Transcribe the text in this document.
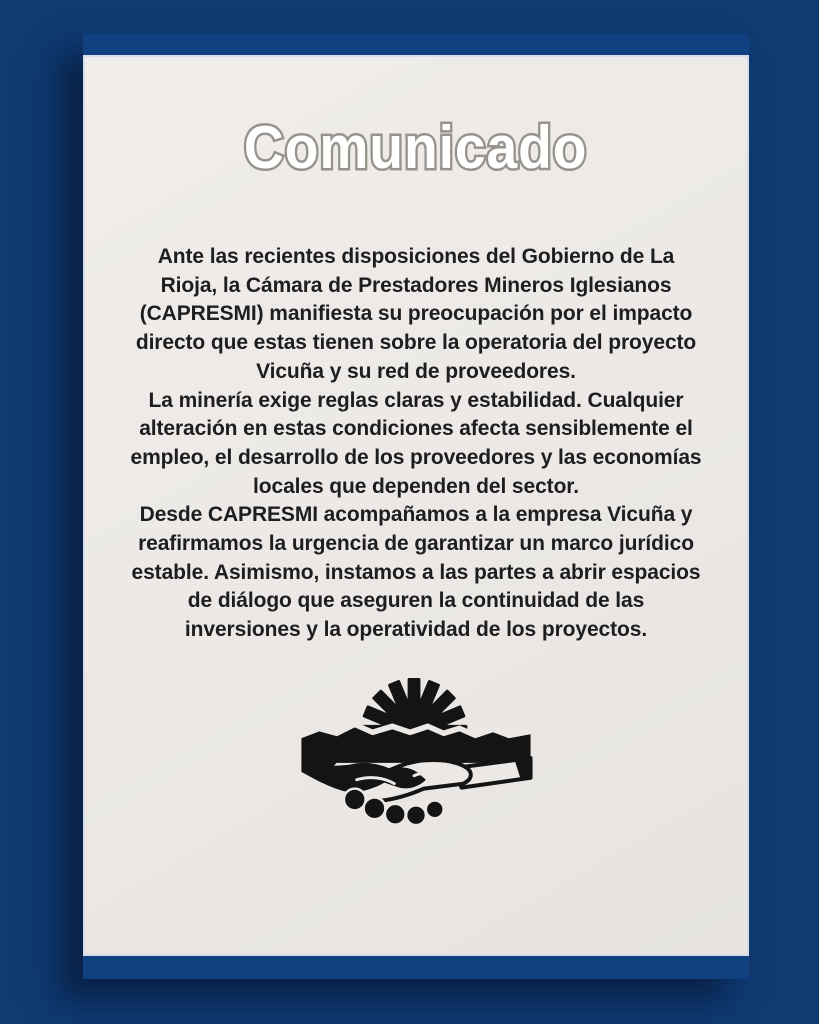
Comunicado

Ante las recientes disposiciones del Gobierno de La Rioja, la Cámara de Prestadores Mineros Iglesianos (CAPRESMI) manifiesta su preocupación por el impacto directo que estas tienen sobre la operatoria del proyecto Vicuña y su red de proveedores.

La minería exige reglas claras y estabilidad. Cualquier alteración en estas condiciones afecta sensiblemente el empleo, el desarrollo de los proveedores y las economías locales que dependen del sector.

Desde CAPRESMI acompañamos a la empresa Vicuña y reafirmamos la urgencia de garantizar un marco jurídico estable. Asimismo, instamos a las partes a abrir espacios de diálogo que aseguren la continuidad de las inversiones y la operatividad de los proyectos.
